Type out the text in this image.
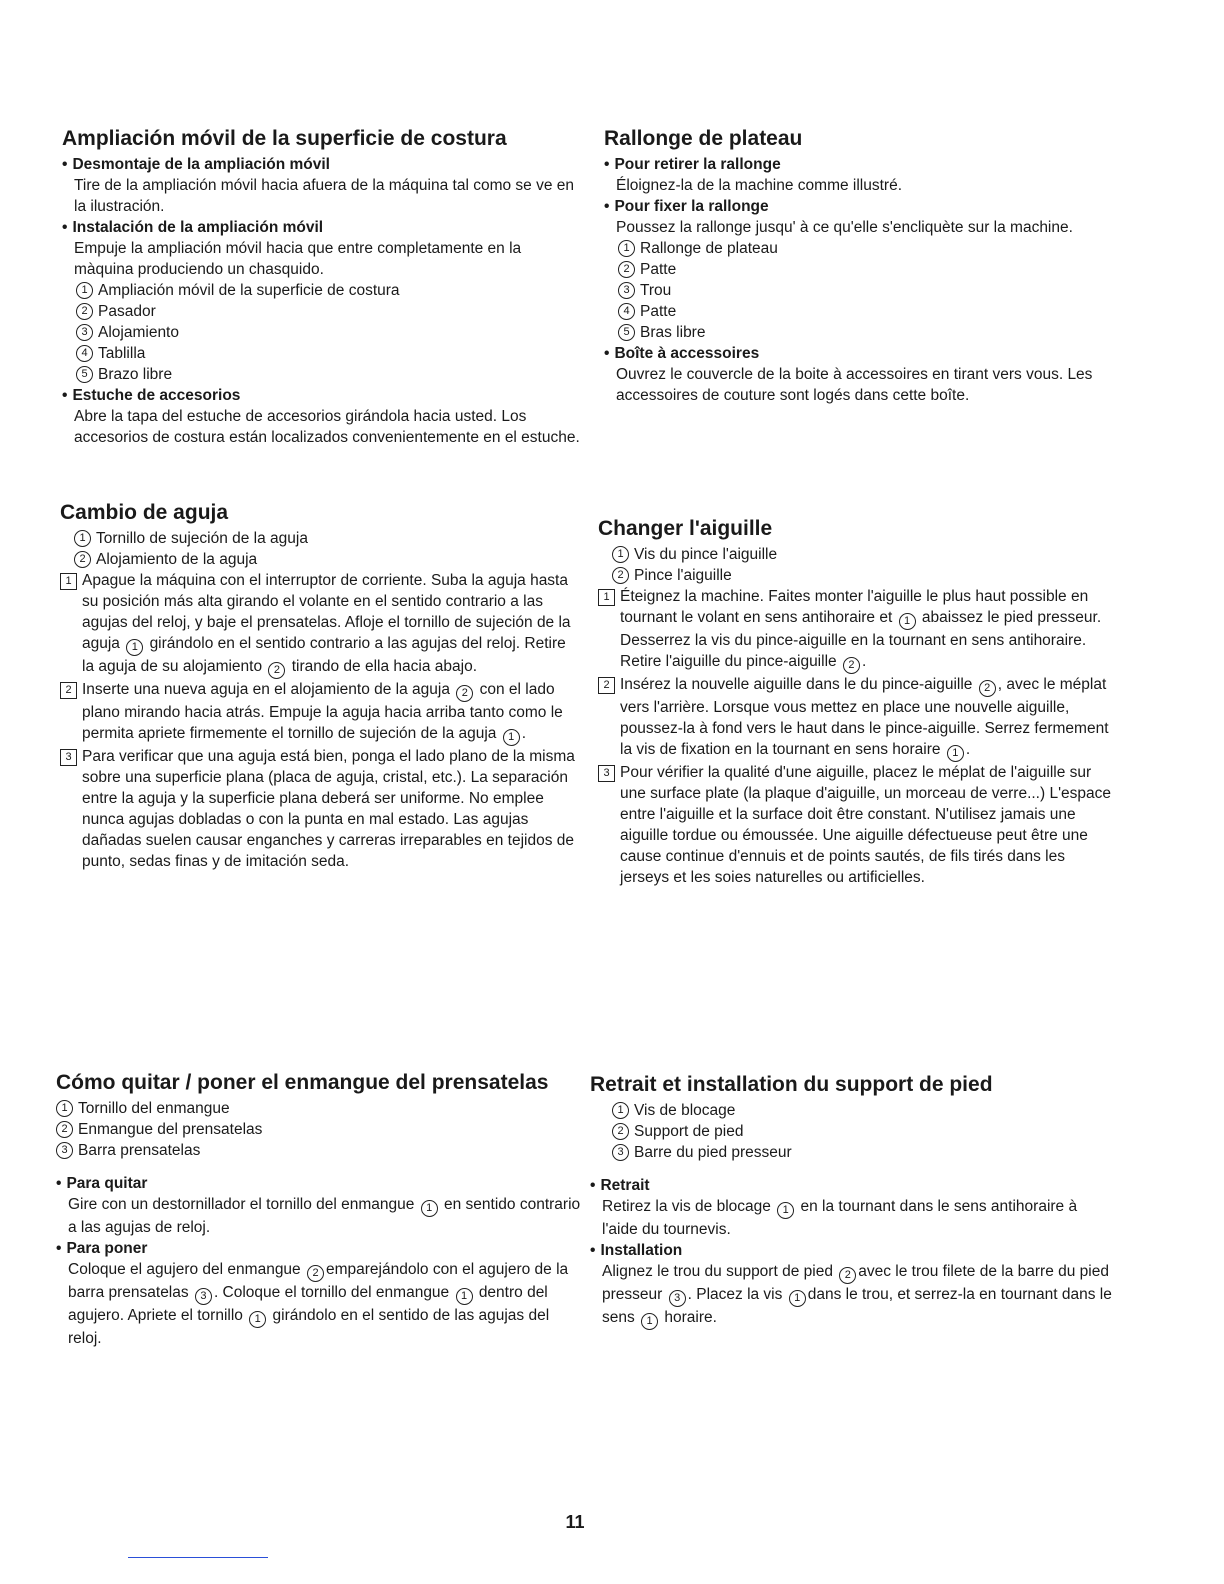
Ampliación móvil de la superficie de costura
• Desmontaje de la ampliación móvil
Tire de la ampliación móvil hacia afuera de la máquina tal como se ve en la ilustración.
• Instalación de la ampliación móvil
Empuje la ampliación móvil hacia que entre completamente en la màquina produciendo un chasquido.
1 Ampliación móvil de la superficie de costura
2 Pasador
3 Alojamiento
4 Tablilla
5 Brazo libre
• Estuche de accesorios
Abre la tapa del estuche de accesorios girándola hacia usted. Los accesorios de costura están localizados convenientemente en el estuche.
Rallonge de plateau
• Pour retirer la rallonge
Éloignez-la de la machine comme illustré.
• Pour fixer la rallonge
Poussez la rallonge jusqu' à ce qu'elle s'encliquète sur la machine.
1 Rallonge de plateau
2 Patte
3 Trou
4 Patte
5 Bras libre
• Boîte à accessoires
Ouvrez le couvercle de la boite à accessoires en tirant vers vous. Les accessoires de couture sont logés dans cette boîte.
Cambio de aguja
1 Tornillo de sujeción de la aguja
2 Alojamiento de la aguja
1 Apague la máquina con el interruptor de corriente. Suba la aguja hasta su posición más alta girando el volante en el sentido contrario a las agujas del reloj, y baje el prensatelas. Afloje el tornillo de sujeción de la aguja 1 girándolo en el sentido contrario a las agujas del reloj. Retire la aguja de su alojamiento 2 tirando de ella hacia abajo.
2 Inserte una nueva aguja en el alojamiento de la aguja 2 con el lado plano mirando hacia atrás. Empuje la aguja hacia arriba tanto como le permita apriete firmemente el tornillo de sujeción de la aguja 1 .
3 Para verificar que una aguja está bien, ponga el lado plano de la misma sobre una superficie plana (placa de aguja, cristal, etc.). La separación entre la aguja y la superficie plana deberá ser uniforme. No emplee nunca agujas dobladas o con la punta en mal estado. Las agujas dañadas suelen causar enganches y carreras irreparables en tejidos de punto, sedas finas y de imitación seda.
Changer l'aiguille
1 Vis du pince l'aiguille
2 Pince l'aiguille
1 Éteignez la machine. Faites monter l'aiguille le plus haut possible en tournant le volant en sens antihoraire et 1 abaissez le pied presseur. Desserrez la vis du pince-aiguille en la tournant en sens antihoraire. Retire l'aiguille du pince-aiguille 2 .
2 Insérez la nouvelle aiguille dans le du pince-aiguille 2 , avec le méplat vers l'arrière. Lorsque vous mettez en place une nouvelle aiguille, poussez-la à fond vers le haut dans le pince-aiguille. Serrez fermement la vis de fixation en la tournant en sens horaire 1 .
3 Pour vérifier la qualité d'une aiguille, placez le méplat de l'aiguille sur une surface plate (la plaque d'aiguille, un morceau de verre...) L'espace entre l'aiguille et la surface doit être constant. N'utilisez jamais une aiguille tordue ou émoussée. Une aiguille défectueuse peut être une cause continue d'ennuis et de points sautés, de fils tirés dans les jerseys et les soies naturelles ou artificielles.
Cómo quitar / poner el enmangue del prensatelas
1 Tornillo del enmangue
2 Enmangue del prensatelas
3 Barra prensatelas
• Para quitar
Gire con un destornillador el tornillo del enmangue 1 en sentido contrario a las agujas de reloj.
• Para poner
Coloque el agujero del enmangue 2 emparejándolo con el agujero de la barra prensatelas 3 . Coloque el tornillo del enmangue 1 dentro del agujero. Apriete el tornillo 1 girándolo en el sentido de las agujas del reloj.
Retrait et installation du support de pied
1 Vis de blocage
2 Support de pied
3 Barre du pied presseur
• Retrait
Retirez la vis de blocage 1 en la tournant dans le sens antihoraire à l'aide du tournevis.
• Installation
Alignez le trou du support de pied 2 avec le trou filete de la barre du pied presseur 3 . Placez la vis 1 dans le trou, et serrez-la en tournant dans le sens 1 horaire.
11
